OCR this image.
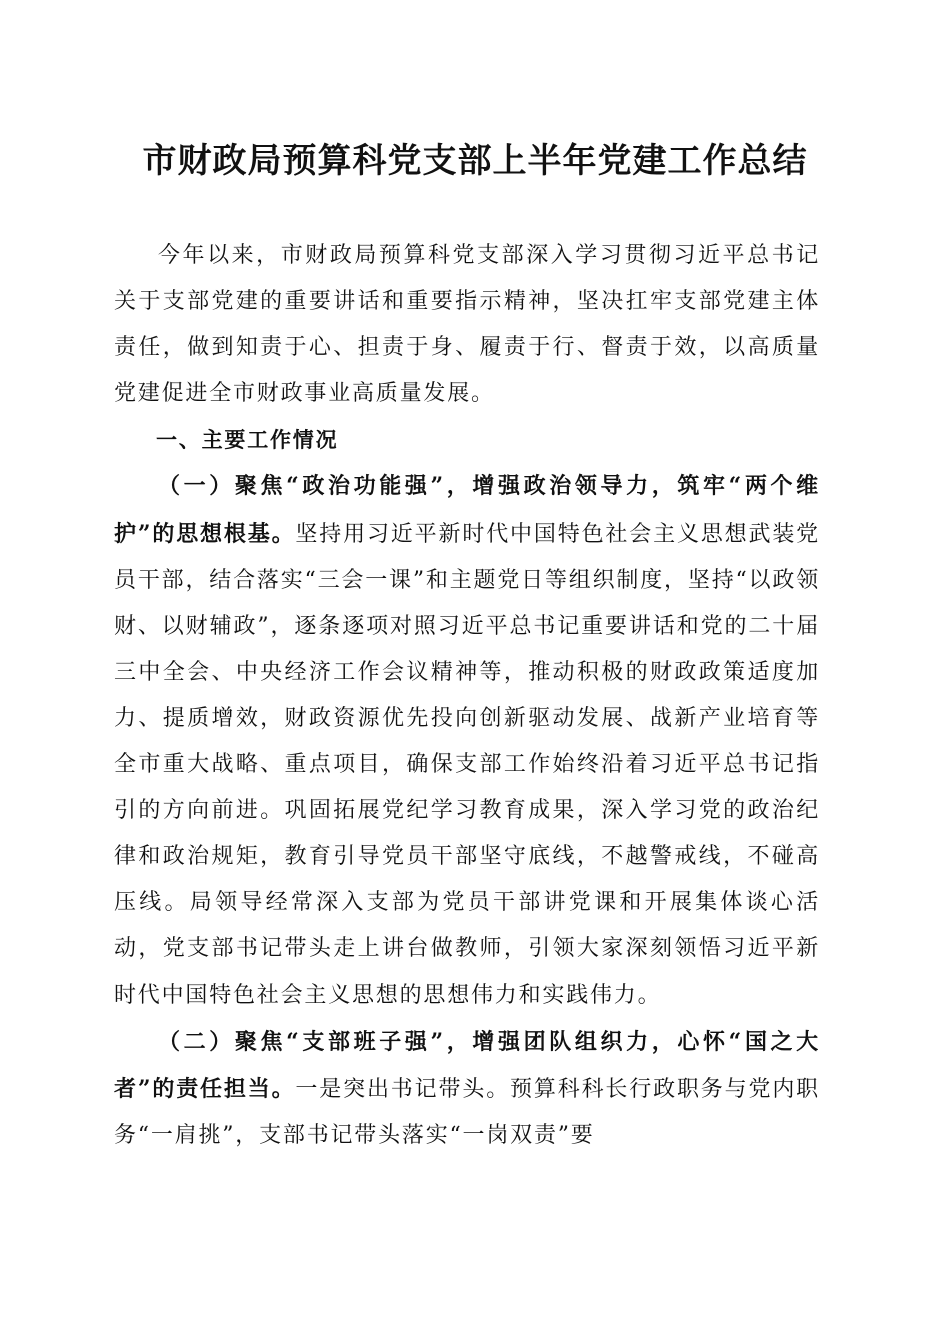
市财政局预算科党支部上半年党建工作总结

今年以来，市财政局预算科党支部深入学习贯彻习近平总书记关于支部党建的重要讲话和重要指示精神，坚决扛牢支部党建主体责任，做到知责于心、担责于身、履责于行、督责于效，以高质量党建促进全市财政事业高质量发展。

一、主要工作情况

（一）聚焦“政治功能强”，增强政治领导力，筑牢“两个维护”的思想根基。坚持用习近平新时代中国特色社会主义思想武装党员干部，结合落实“三会一课”和主题党日等组织制度，坚持“以政领财、以财辅政”，逐条逐项对照习近平总书记重要讲话和党的二十届三中全会、中央经济工作会议精神等，推动积极的财政政策适度加力、提质增效，财政资源优先投向创新驱动发展、战新产业培育等全市重大战略、重点项目，确保支部工作始终沿着习近平总书记指引的方向前进。巩固拓展党纪学习教育成果，深入学习党的政治纪律和政治规矩，教育引导党员干部坚守底线，不越警戒线，不碰高压线。局领导经常深入支部为党员干部讲党课和开展集体谈心活动，党支部书记带头走上讲台做教师，引领大家深刻领悟习近平新时代中国特色社会主义思想的思想伟力和实践伟力。

（二）聚焦“支部班子强”，增强团队组织力，心怀“国之大者”的责任担当。一是突出书记带头。预算科科长行政职务与党内职务“一肩挑”，支部书记带头落实“一岗双责”要
